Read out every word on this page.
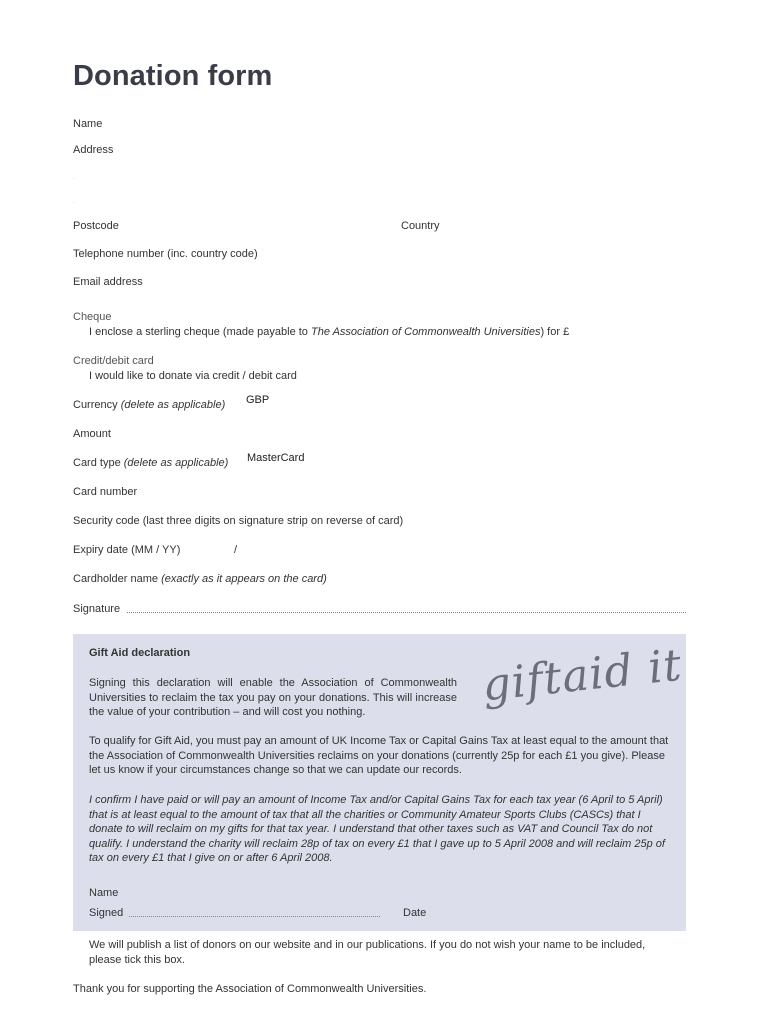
Donation form
Name
Address
.
.
Postcode	Country
Telephone number (inc. country code)
Email address
Cheque
I enclose a sterling cheque (made payable to The Association of Commonwealth Universities) for £
Credit/debit card
I would like to donate via credit / debit card
Currency (delete as applicable) GBP
Amount
Card type (delete as applicable) MasterCard
Card number
Security code (last three digits on signature strip on reverse of card)
Expiry date (MM / YY)	/
Cardholder name (exactly as it appears on the card)
Signature
Gift Aid declaration	giftaid it
Signing this declaration will enable the Association of Commonwealth Universities to reclaim the tax you pay on your donations. This will increase the value of your contribution – and will cost you nothing.
To qualify for Gift Aid, you must pay an amount of UK Income Tax or Capital Gains Tax at least equal to the amount that the Association of Commonwealth Universities reclaims on your donations (currently 25p for each £1 you give). Please let us know if your circumstances change so that we can update our records.
I confirm I have paid or will pay an amount of Income Tax and/or Capital Gains Tax for each tax year (6 April to 5 April) that is at least equal to the amount of tax that all the charities or Community Amateur Sports Clubs (CASCs) that I donate to will reclaim on my gifts for that tax year. I understand that other taxes such as VAT and Council Tax do not qualify. I understand the charity will reclaim 28p of tax on every £1 that I gave up to 5 April 2008 and will reclaim 25p of tax on every £1 that I give on or after 6 April 2008.
Name
Signed	Date
We will publish a list of donors on our website and in our publications. If you do not wish your name to be included, please tick this box.
Thank you for supporting the Association of Commonwealth Universities.
